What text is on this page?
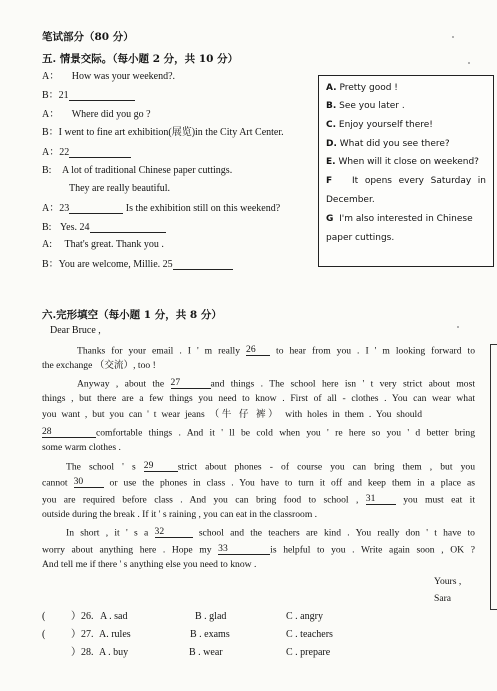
笔试部分（80 分）
五. 情景交际。（每小题 2 分，共 10 分）
A： How was your weekend?.
B：21
A： Where did you go ?
B：I went to fine art exhibition(展览)in the City Art Center.
A：22
B: A lot of traditional Chinese paper cuttings.
They are really beautiful.
A：23	Is the exhibition still on this weekend?
B: Yes. 24
A: That's great. Thank you .
B：You are welcome, Millie. 25
A. Pretty good !
B. See you later .
C. Enjoy yourself there!
D. What did you see there?
E. When will it close on weekend?
F It opens every Saturday in
December.
G I'm also interested in Chinese
paper cuttings.
六.完形填空（每小题 1 分，共 8 分）
Dear Bruce ,
Thanks for your email . I ' m really 26 to hear from you . I ' m looking forward to
the exchange （交流）, too !
Anyway , about the 27	and things . The school here isn ' t very strict about most
things , but there are a few things you need to know . First of all - clothes . You can wear what
you want , but you can ' t wear jeans （牛 仔 裤） with holes in them . You should
28	comfortable things . And it ' ll be cold when you ' re here so you ' d better bring
some warm clothes .
The school ' s 29	strict about phones - of course you can bring them , but you
cannot 30	or use the phones in class . You have to turn it off and keep them in a place as
you are required before class . And you can bring food to school , 31	you must eat it
outside during the break . If it ' s raining , you can eat in the classroom .
In short , it ' s a 32	school and the teachers are kind . You really don ' t have to
worry about anything here . Hope my 33	is helpful to you . Write again soon , OK ?
And tell me if there ' s anything else you need to know .
Yours ,
Sara
(	）26. A . sad	B . glad	C . angry
(	）27. A. rules	B . exams	C . teachers
）28. A . buy	B . wear	C . prepare
